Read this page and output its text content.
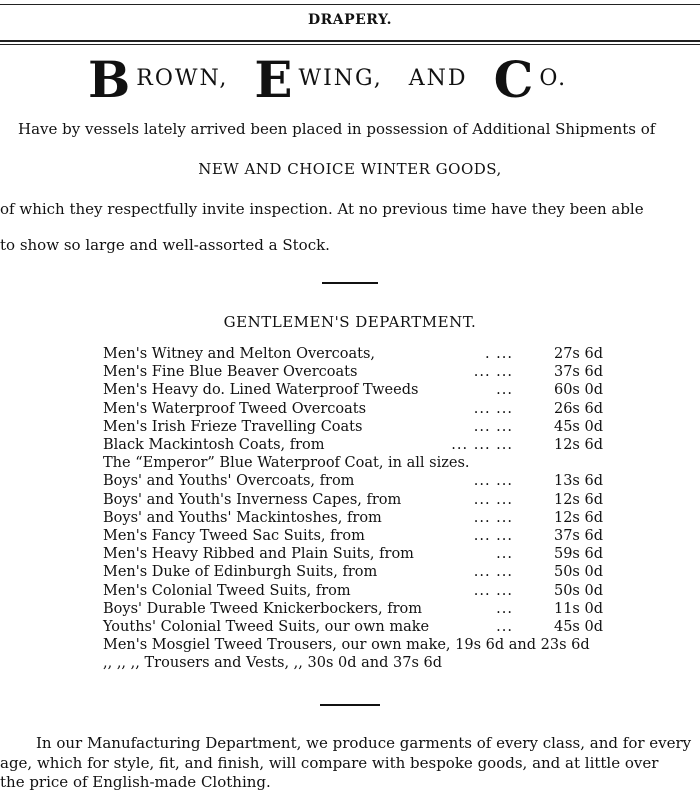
DRAPERY.
BROWN, E WING, AND C O.
Have by vessels lately arrived been placed in possession of Additional Shipments of
NEW AND CHOICE WINTER GOODS,
of which they respectfully invite inspection. At no previous time have they been able
to show so large and well-assorted a Stock.
GENTLEMEN'S DEPARTMENT.
Men's Witney and Melton Overcoats,	. ...	27s 6d
Men's Fine Blue Beaver Overcoats	... ...	37s 6d
Men's Heavy do. Lined Waterproof Tweeds	...	60s 0d
Men's Waterproof Tweed Overcoats	... ...	26s 6d
Men's Irish Frieze Travelling Coats	... ...	45s 0d
Black Mackintosh Coats, from	... ... ...	12s 6d
The “Emperor” Blue Waterproof Coat, in all sizes.
Boys' and Youths' Overcoats, from	... ...	13s 6d
Boys' and Youth's Inverness Capes, from	... ...	12s 6d
Boys' and Youths' Mackintoshes, from	... ...	12s 6d
Men's Fancy Tweed Sac Suits, from	... ...	37s 6d
Men's Heavy Ribbed and Plain Suits, from	...	59s 6d
Men's Duke of Edinburgh Suits, from	... ...	50s 0d
Men's Colonial Tweed Suits, from	... ...	50s 0d
Boys' Durable Tweed Knickerbockers, from	...	11s 0d
Youths' Colonial Tweed Suits, our own make	...	45s 0d
Men's Mosgiel Tweed Trousers, our own make, 19s 6d and 23s 6d
,, ,, ,, Trousers and Vests, ,, 30s 0d and 37s 6d
In our Manufacturing Department, we produce garments of every class, and for every
age, which for style, fit, and finish, will compare with bespoke goods, and at little over
the price of English-made Clothing.
